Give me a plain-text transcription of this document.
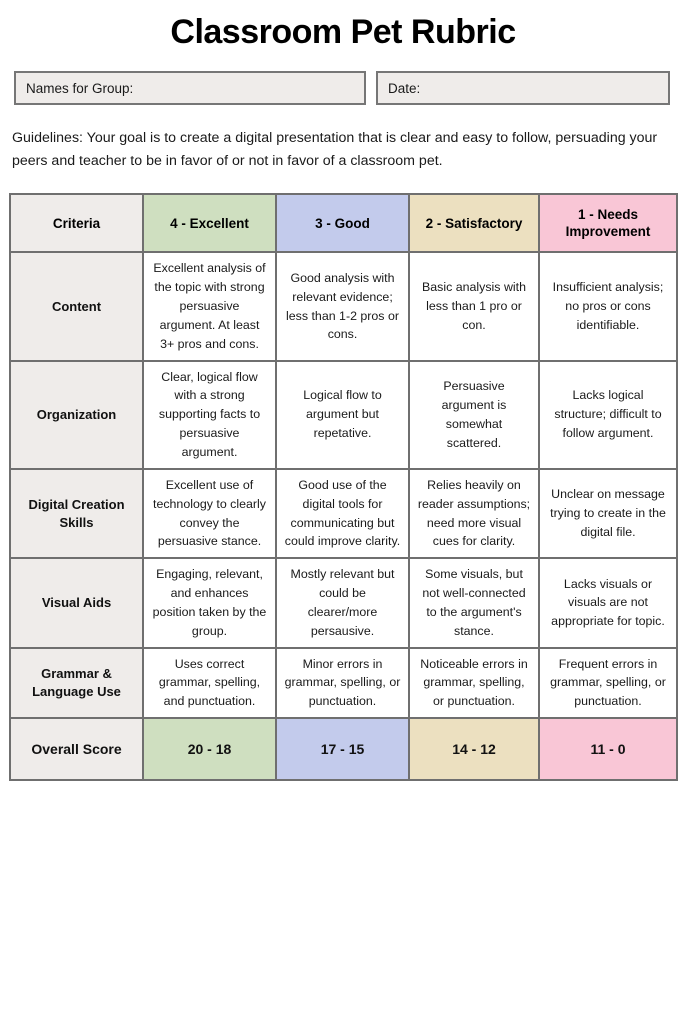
Classroom Pet Rubric
Names for Group:	Date:
Guidelines: Your goal is to create a digital presentation that is clear and easy to follow, persuading your peers and teacher to be in favor of or not in favor of a classroom pet.
Criteria	4 - Excellent	3 - Good	2 - Satisfactory	1 - Needs Improvement
Content	Excellent analysis of the topic with strong persuasive argument. At least 3+ pros and cons.	Good analysis with relevant evidence; less than 1-2 pros or cons.	Basic analysis with less than 1 pro or con.	Insufficient analysis; no pros or cons identifiable.
Organization	Clear, logical flow with a strong supporting facts to persuasive argument.	Logical flow to argument but repetative.	Persuasive argument is somewhat scattered.	Lacks logical structure; difficult to follow argument.
Digital Creation Skills	Excellent use of technology to clearly convey the persuasive stance.	Good use of the digital tools for communicating but could improve clarity.	Relies heavily on reader assumptions; need more visual cues for clarity.	Unclear on message trying to create in the digital file.
Visual Aids	Engaging, relevant, and enhances position taken by the group.	Mostly relevant but could be clearer/more persausive.	Some visuals, but not well-connected to the argument's stance.	Lacks visuals or visuals are not appropriate for topic.
Grammar & Language Use	Uses correct grammar, spelling, and punctuation.	Minor errors in grammar, spelling, or punctuation.	Noticeable errors in grammar, spelling, or punctuation.	Frequent errors in grammar, spelling, or punctuation.
Overall Score	20 - 18	17 - 15	14 - 12	11 - 0
